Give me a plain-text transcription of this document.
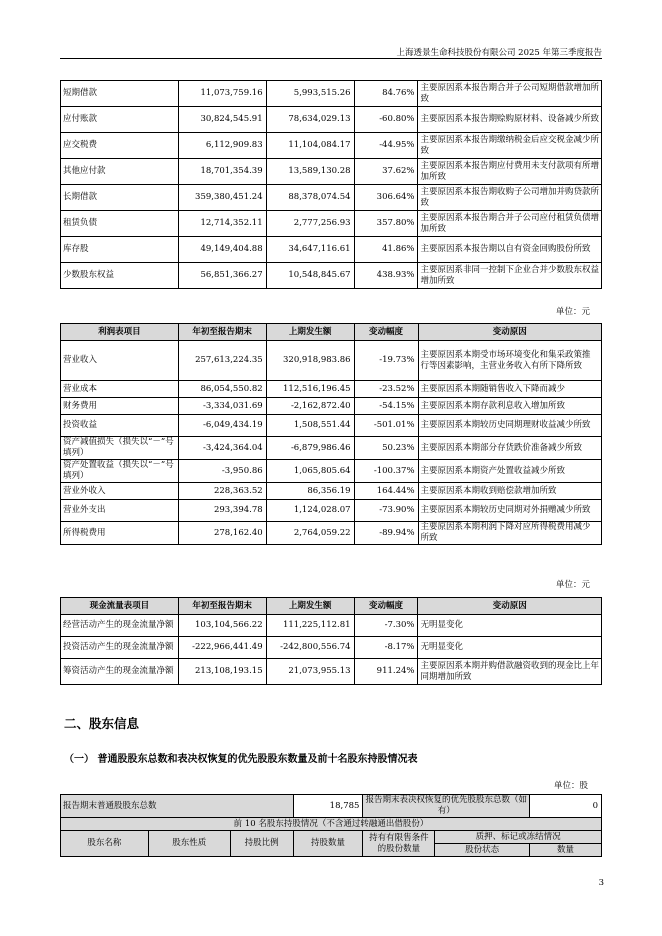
上海透景生命科技股份有限公司 2025 年第三季度报告
短期借款	11,073,759.16	5,993,515.26	84.76%	主要原因系本报告期合并子公司短期借款增加所致
应付账款	30,824,545.91	78,634,029.13	-60.80%	主要原因系本报告期赊购原材料、设备减少所致
应交税费	6,112,909.83	11,104,084.17	-44.95%	主要原因系本报告期缴纳税金后应交税金减少所致
其他应付款	18,701,354.39	13,589,130.28	37.62%	主要原因系本报告期应付费用未支付款项有所增加所致
长期借款	359,380,451.24	88,378,074.54	306.64%	主要原因系本报告期收购子公司增加并购贷款所致
租赁负债	12,714,352.11	2,777,256.93	357.80%	主要原因系本报告期合并子公司应付租赁负债增加所致
库存股	49,149,404.88	34,647,116.61	41.86%	主要原因系本报告期以自有资金回购股份所致
少数股东权益	56,851,366.27	10,548,845.67	438.93%	主要原因系非同一控制下企业合并少数股东权益增加所致
单位：元
利润表项目	年初至报告期末	上期发生额	变动幅度	变动原因
营业收入	257,613,224.35	320,918,983.86	-19.73%	主要原因系本期受市场环境变化和集采政策推行等因素影响，主营业务收入有所下降所致
营业成本	86,054,550.82	112,516,196.45	-23.52%	主要原因系本期随销售收入下降而减少
财务费用	-3,334,031.69	-2,162,872.40	-54.15%	主要原因系本期存款利息收入增加所致
投资收益	-6,049,434.19	1,508,551.44	-501.01%	主要原因系本期较历史同期理财收益减少所致
资产减值损失（损失以“－”号填列）	-3,424,364.04	-6,879,986.46	50.23%	主要原因系本期部分存货跌价准备减少所致
资产处置收益（损失以“－”号填列）	-3,950.86	1,065,805.64	-100.37%	主要原因系本期资产处置收益减少所致
营业外收入	228,363.52	86,356.19	164.44%	主要原因系本期收到赔偿款增加所致
营业外支出	293,394.78	1,124,028.07	-73.90%	主要原因系本期较历史同期对外捐赠减少所致
所得税费用	278,162.40	2,764,059.22	-89.94%	主要原因系本期利润下降对应所得税费用减少所致
单位：元
现金流量表项目	年初至报告期末	上期发生额	变动幅度	变动原因
经营活动产生的现金流量净额	103,104,566.22	111,225,112.81	-7.30%	无明显变化
投资活动产生的现金流量净额	-222,966,441.49	-242,800,556.74	-8.17%	无明显变化
筹资活动产生的现金流量净额	213,108,193.15	21,073,955.13	911.24%	主要原因系本期并购借款融资收到的现金比上年同期增加所致
二、股东信息
（一） 普通股股东总数和表决权恢复的优先股股东数量及前十名股东持股情况表
单位：股
报告期末普通股股东总数			18,785	报告期末表决权恢复的优先股股东总数（如有）		0
前 10 名股东持股情况（不含通过转融通出借股份）						
股东名称	股东性质	持股比例	持股数量	持有有限售条件的股份数量	质押、标记或冻结情况	
					股份状态	数量
3
